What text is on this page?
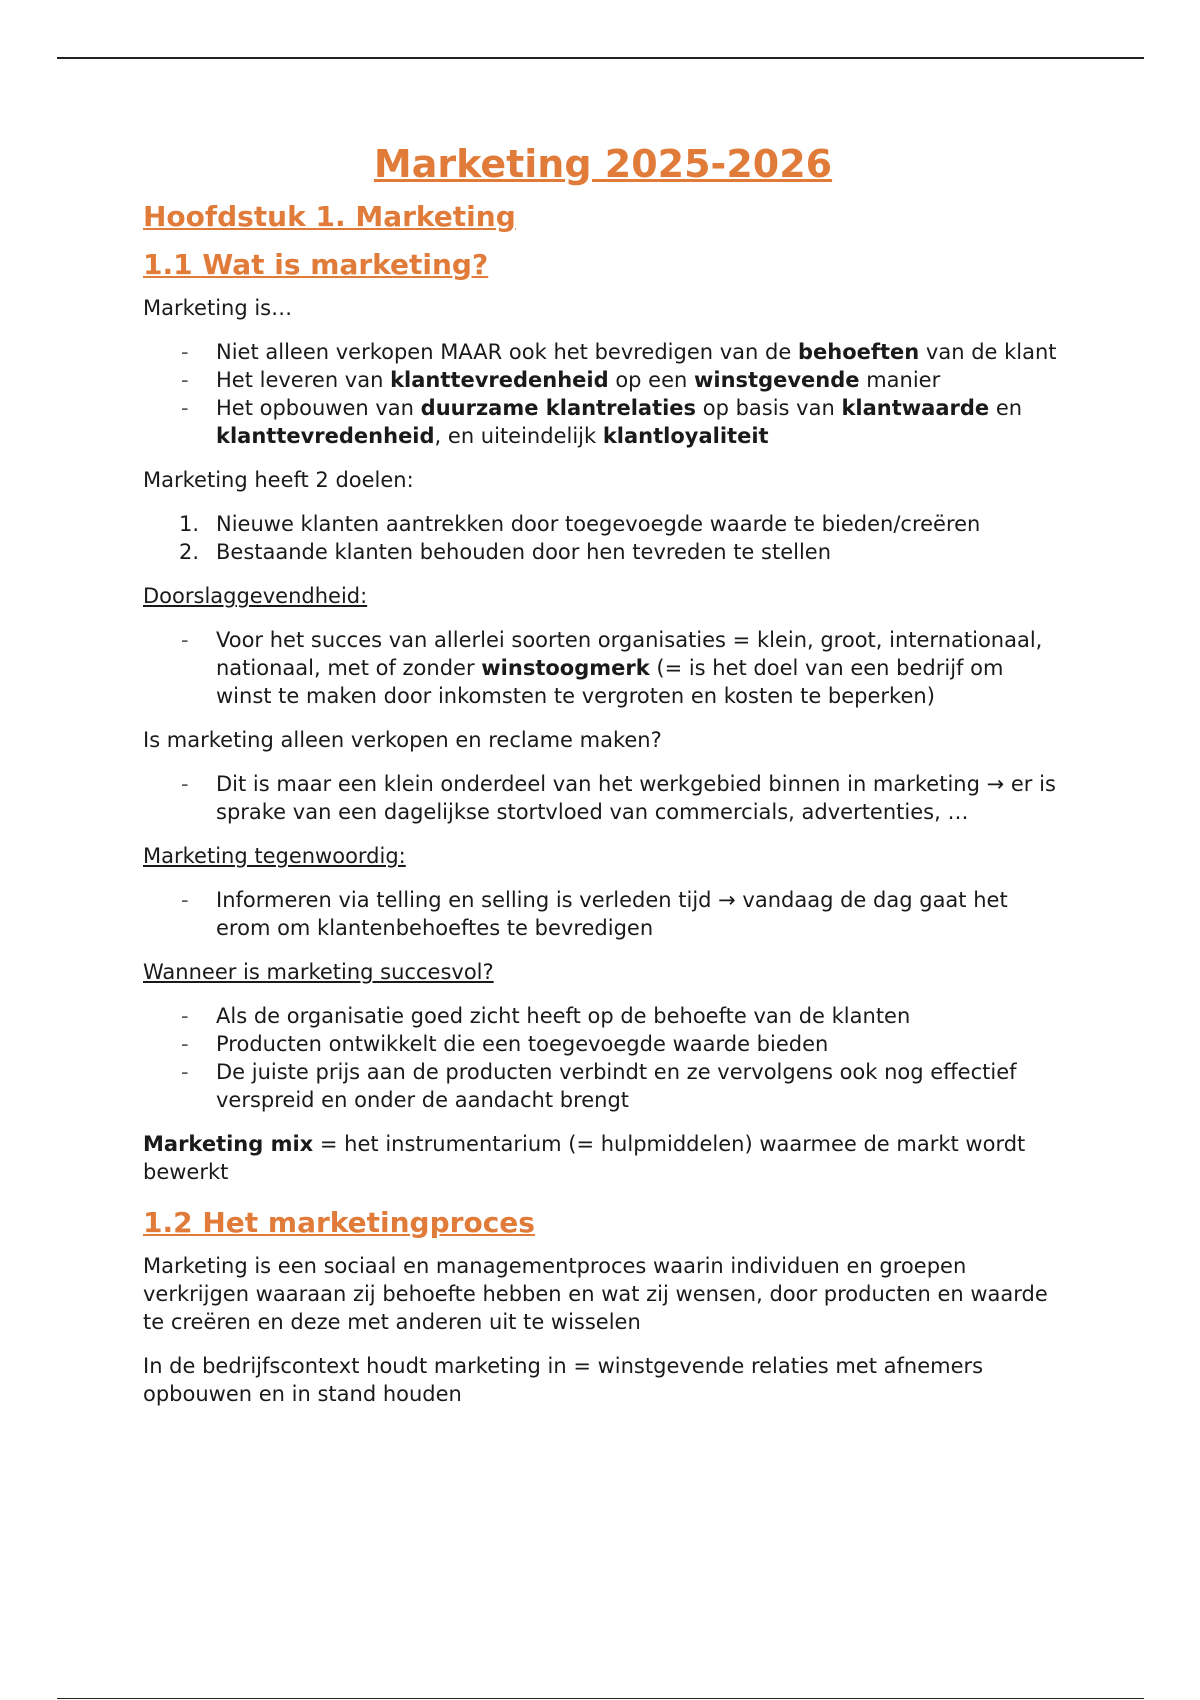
Marketing 2025-2026
Hoofdstuk 1. Marketing
1.1 Wat is marketing?

Marketing is…

- Niet alleen verkopen MAAR ook het bevredigen van de behoeften van de klant
- Het leveren van klanttevredenheid op een winstgevende manier
- Het opbouwen van duurzame klantrelaties op basis van klantwaarde en klanttevredenheid, en uiteindelijk klantloyaliteit

Marketing heeft 2 doelen:

1. Nieuwe klanten aantrekken door toegevoegde waarde te bieden/creëren
2. Bestaande klanten behouden door hen tevreden te stellen

Doorslaggevendheid:

- Voor het succes van allerlei soorten organisaties = klein, groot, internationaal, nationaal, met of zonder winstoogmerk (= is het doel van een bedrijf om winst te maken door inkomsten te vergroten en kosten te beperken)

Is marketing alleen verkopen en reclame maken?

- Dit is maar een klein onderdeel van het werkgebied binnen in marketing → er is sprake van een dagelijkse stortvloed van commercials, advertenties, …

Marketing tegenwoordig:

- Informeren via telling en selling is verleden tijd → vandaag de dag gaat het erom om klantenbehoeftes te bevredigen

Wanneer is marketing succesvol?

- Als de organisatie goed zicht heeft op de behoefte van de klanten
- Producten ontwikkelt die een toegevoegde waarde bieden
- De juiste prijs aan de producten verbindt en ze vervolgens ook nog effectief verspreid en onder de aandacht brengt

Marketing mix = het instrumentarium (= hulpmiddelen) waarmee de markt wordt bewerkt

1.2 Het marketingproces

Marketing is een sociaal en managementproces waarin individuen en groepen verkrijgen waaraan zij behoefte hebben en wat zij wensen, door producten en waarde te creëren en deze met anderen uit te wisselen

In de bedrijfscontext houdt marketing in = winstgevende relaties met afnemers opbouwen en in stand houden
